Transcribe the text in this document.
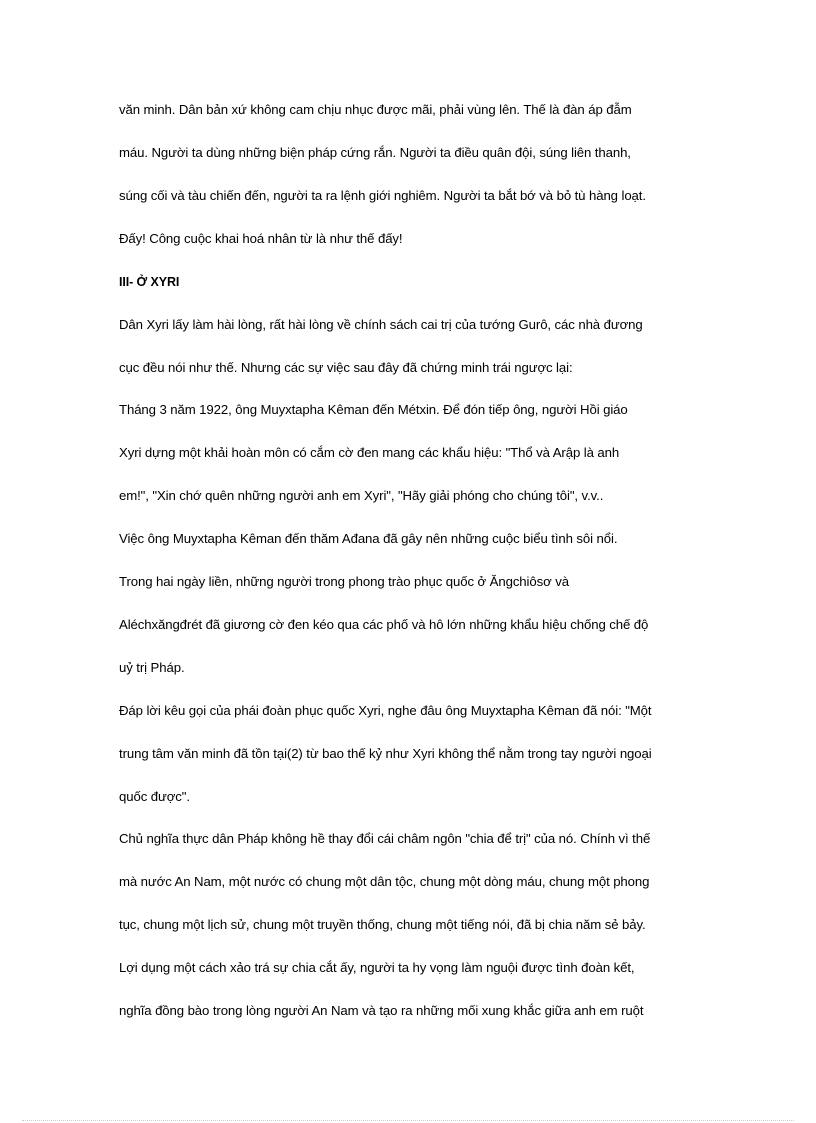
văn minh. Dân bản xứ không cam chịu nhục được mãi, phải vùng lên. Thế là đàn áp đẫm
máu. Người ta dùng những biện pháp cứng rắn. Người ta điều quân đội, súng liên thanh,
súng cối và tàu chiến đến, người ta ra lệnh giới nghiêm. Người ta bắt bớ và bỏ tù hàng loạt.
Đấy! Công cuộc khai hoá nhân từ là như thế đấy!
III- Ở XYRI
Dân Xyri lấy làm hài lòng, rất hài lòng về chính sách cai trị của tướng Gurô, các nhà đương
cục đều nói như thế. Nhưng các sự việc sau đây đã chứng minh trái ngược lại:
Tháng 3 năm 1922, ông Muyxtapha Kêman đến Métxin. Để đón tiếp ông, người Hồi giáo
Xyri dựng một khải hoàn môn có cắm cờ đen mang các khẩu hiệu: "Thổ và Arập là anh
em!", "Xin chớ quên những người anh em Xyri", "Hãy giải phóng cho chúng tôi", v.v..
Việc ông Muyxtapha Kêman đến thăm Ađana đã gây nên những cuộc biểu tình sôi nổi.
Trong hai ngày liền, những người trong phong trào phục quốc ở Ăngchiôsơ và
Aléchxăngđrét đã giương cờ đen kéo qua các phố và hô lớn những khẩu hiệu chống chế độ
uỷ trị Pháp.
Đáp lời kêu gọi của phái đoàn phục quốc Xyri, nghe đâu ông Muyxtapha Kêman đã nói: "Một
trung tâm văn minh đã tồn tại(2) từ bao thế kỷ như Xyri không thể nằm trong tay người ngoại
quốc được".
Chủ nghĩa thực dân Pháp không hề thay đổi cái châm ngôn "chia để trị" của nó. Chính vì thế
mà nước An Nam, một nước có chung một dân tộc, chung một dòng máu, chung một phong
tục, chung một lịch sử, chung một truyền thống, chung một tiếng nói, đã bị chia năm sẻ bảy.
Lợi dụng một cách xảo trá sự chia cắt ấy, người ta hy vọng làm nguội được tình đoàn kết,
nghĩa đồng bào trong lòng người An Nam và tạo ra những mối xung khắc giữa anh em ruột
